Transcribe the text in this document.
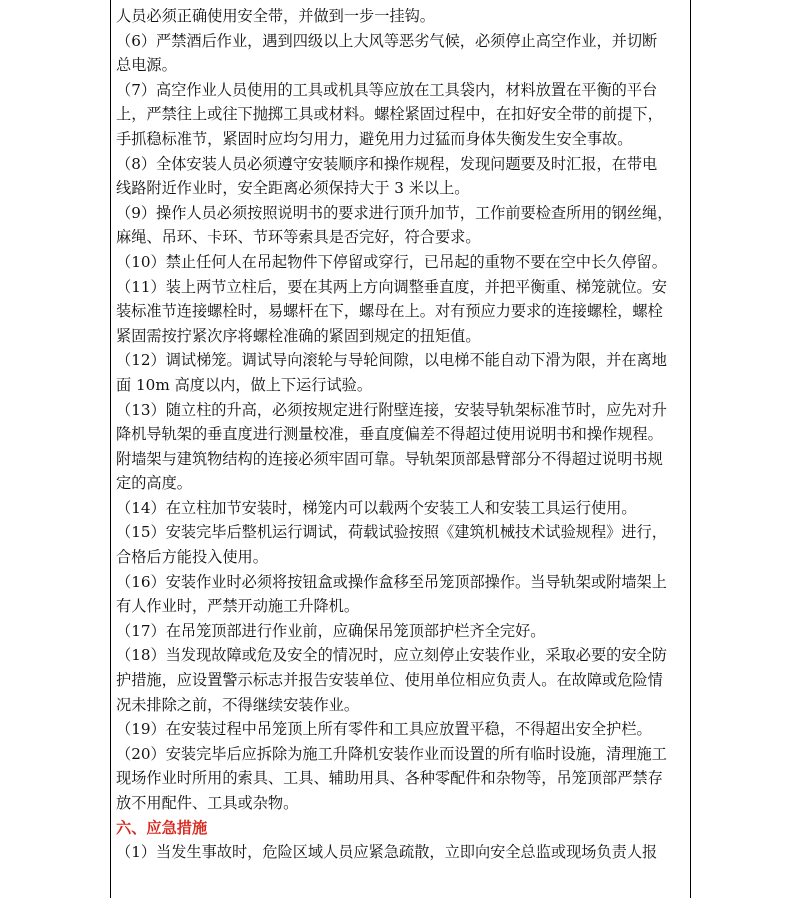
人员必须正确使用安全带，并做到一步一挂钩。
（6）严禁酒后作业，遇到四级以上大风等恶劣气候，必须停止高空作业，并切断
总电源。
（7）高空作业人员使用的工具或机具等应放在工具袋内，材料放置在平衡的平台
上，严禁往上或往下抛掷工具或材料。螺栓紧固过程中，在扣好安全带的前提下，
手抓稳标准节，紧固时应均匀用力，避免用力过猛而身体失衡发生安全事故。
（8）全体安装人员必须遵守安装顺序和操作规程，发现问题要及时汇报，在带电
线路附近作业时，安全距离必须保持大于 3 米以上。
（9）操作人员必须按照说明书的要求进行顶升加节，工作前要检查所用的钢丝绳，
麻绳、吊环、卡环、节环等索具是否完好，符合要求。
（10）禁止任何人在吊起物件下停留或穿行，已吊起的重物不要在空中长久停留。
（11）装上两节立柱后，要在其两上方向调整垂直度，并把平衡重、梯笼就位。安
装标准节连接螺栓时，易螺杆在下，螺母在上。对有预应力要求的连接螺栓，螺栓
紧固需按拧紧次序将螺栓准确的紧固到规定的扭矩值。
（12）调试梯笼。调试导向滚轮与导轮间隙，以电梯不能自动下滑为限，并在离地
面 10m 高度以内，做上下运行试验。
（13）随立柱的升高，必须按规定进行附壁连接，安装导轨架标准节时，应先对升
降机导轨架的垂直度进行测量校准，垂直度偏差不得超过使用说明书和操作规程。
附墙架与建筑物结构的连接必须牢固可靠。导轨架顶部悬臂部分不得超过说明书规
定的高度。
（14）在立柱加节安装时，梯笼内可以载两个安装工人和安装工具运行使用。
（15）安装完毕后整机运行调试，荷载试验按照《建筑机械技术试验规程》进行，
合格后方能投入使用。
（16）安装作业时必须将按钮盒或操作盒移至吊笼顶部操作。当导轨架或附墙架上
有人作业时，严禁开动施工升降机。
（17）在吊笼顶部进行作业前，应确保吊笼顶部护栏齐全完好。
（18）当发现故障或危及安全的情况时，应立刻停止安装作业，采取必要的安全防
护措施，应设置警示标志并报告安装单位、使用单位相应负责人。在故障或危险情
况未排除之前，不得继续安装作业。
（19）在安装过程中吊笼顶上所有零件和工具应放置平稳，不得超出安全护栏。
（20）安装完毕后应拆除为施工升降机安装作业而设置的所有临时设施，清理施工
现场作业时所用的索具、工具、辅助用具、各种零配件和杂物等，吊笼顶部严禁存
放不用配件、工具或杂物。

六、应急措施

（1）当发生事故时，危险区域人员应紧急疏散，立即向安全总监或现场负责人报
